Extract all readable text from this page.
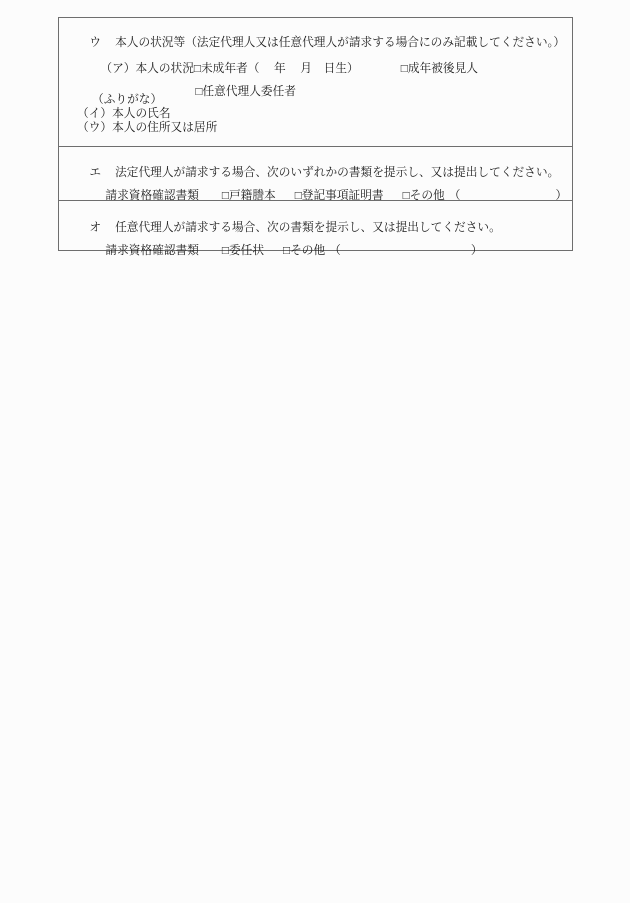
ウ 本人の状況等（法定代理人又は任意代理人が請求する場合にのみ記載してください。）

（ア）本人の状況□未成年者（　 年　 月　日生）	□成年被後見人

□任意代理人委任者

（ふりがな）
（イ）本人の氏名
（ウ）本人の住所又は居所

エ 法定代理人が請求する場合、次のいずれかの書類を提示し、又は提出してください。

請求資格確認書類 □戸籍謄本 □登記事項証明書 □その他 （	）

オ 任意代理人が請求する場合、次の書類を提示し、又は提出してください。

請求資格確認書類 □委任状 □その他 （	）
